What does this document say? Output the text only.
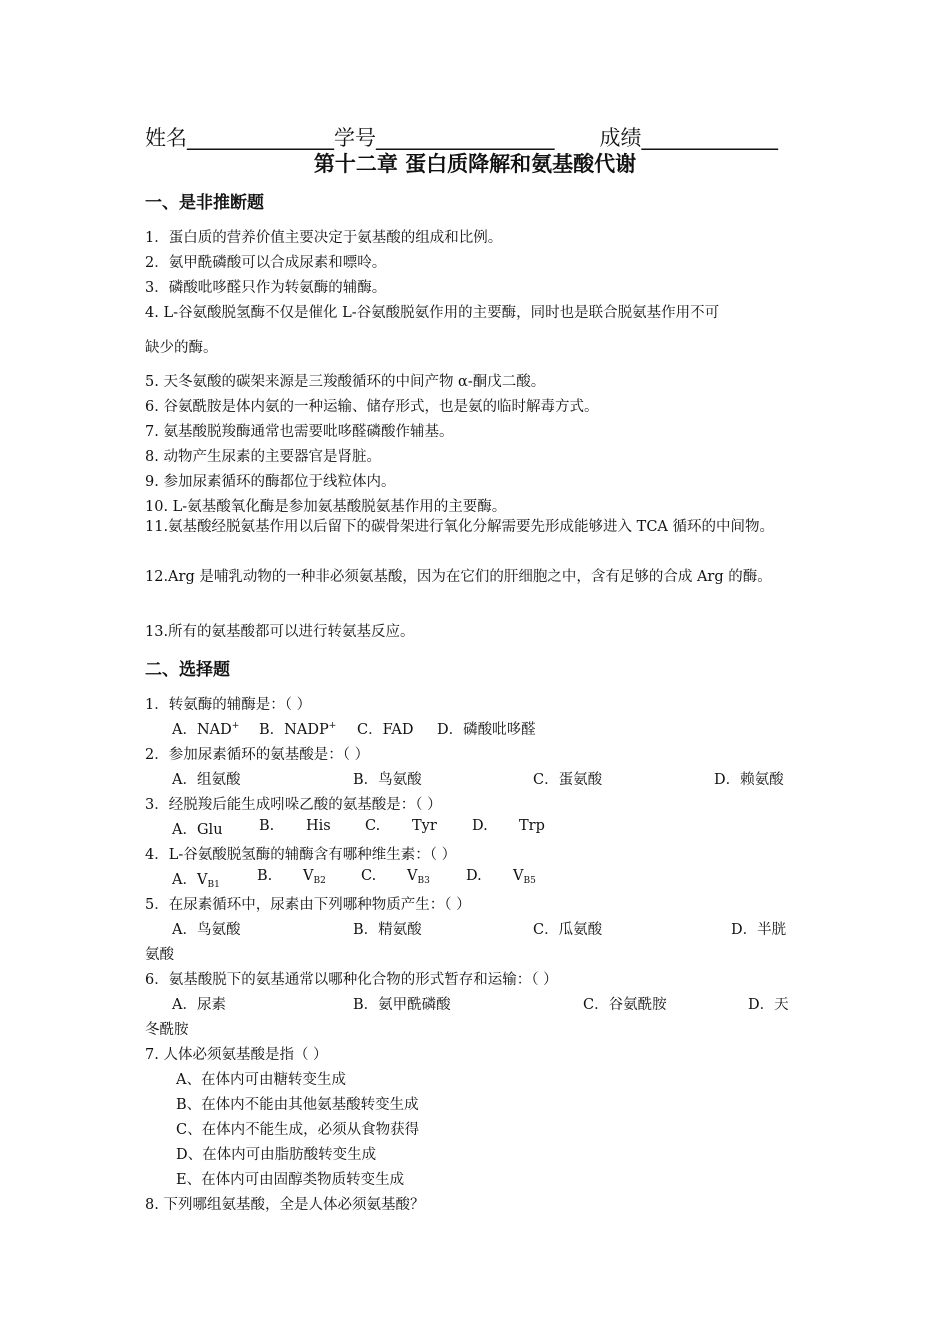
姓名______________学号_________________ 成绩_____________
第十二章 蛋白质降解和氨基酸代谢
一、是非推断题
1．蛋白质的营养价值主要决定于氨基酸的组成和比例。
2．氨甲酰磷酸可以合成尿素和嘌呤。
3．磷酸吡哆醛只作为转氨酶的辅酶。
4. L-谷氨酸脱氢酶不仅是催化 L-谷氨酸脱氨作用的主要酶，同时也是联合脱氨基作用不可
缺少的酶。
5. 天冬氨酸的碳架来源是三羧酸循环的中间产物 α-酮戊二酸。
6. 谷氨酰胺是体内氨的一种运输、储存形式，也是氨的临时解毒方式。
7. 氨基酸脱羧酶通常也需要吡哆醛磷酸作辅基。
8. 动物产生尿素的主要器官是肾脏。
9. 参加尿素循环的酶都位于线粒体内。
10. L-氨基酸氧化酶是参加氨基酸脱氨基作用的主要酶。
11.氨基酸经脱氨基作用以后留下的碳骨架进行氧化分解需要先形成能够进入 TCA 循环的中间物。
12.Arg 是哺乳动物的一种非必须氨基酸，因为在它们的肝细胞之中，含有足够的合成 Arg 的酶。
13.所有的氨基酸都可以进行转氨基反应。
二、选择题
1．转氨酶的辅酶是：（ ）
A．NAD+ B．NADP+ C．FAD D．磷酸吡哆醛
2．参加尿素循环的氨基酸是：（ ）
A．组氨酸	B．鸟氨酸	C．蛋氨酸	D．赖氨酸
3．经脱羧后能生成吲哚乙酸的氨基酸是：（ ）
A．Glu	B. His C. Tyr D. Trp
4．L-谷氨酸脱氢酶的辅酶含有哪种维生素：（ ）
A．$V_{B1}$
B. $V_{B2}$ C. $V_{B3}$ D. $V_{B5}$
5．在尿素循环中，尿素由下列哪种物质产生：（ ）
A．鸟氨酸	B．精氨酸	C．瓜氨酸	D．半胱
氨酸
6．氨基酸脱下的氨基通常以哪种化合物的形式暂存和运输：（ ）
A．尿素	B．氨甲酰磷酸	C．谷氨酰胺	D．天
冬酰胺
7. 人体必须氨基酸是指（ ）
A、在体内可由糖转变生成
B、在体内不能由其他氨基酸转变生成
C、在体内不能生成，必须从食物获得
D、在体内可由脂肪酸转变生成
E、在体内可由固醇类物质转变生成
8. 下列哪组氨基酸，全是人体必须氨基酸？
